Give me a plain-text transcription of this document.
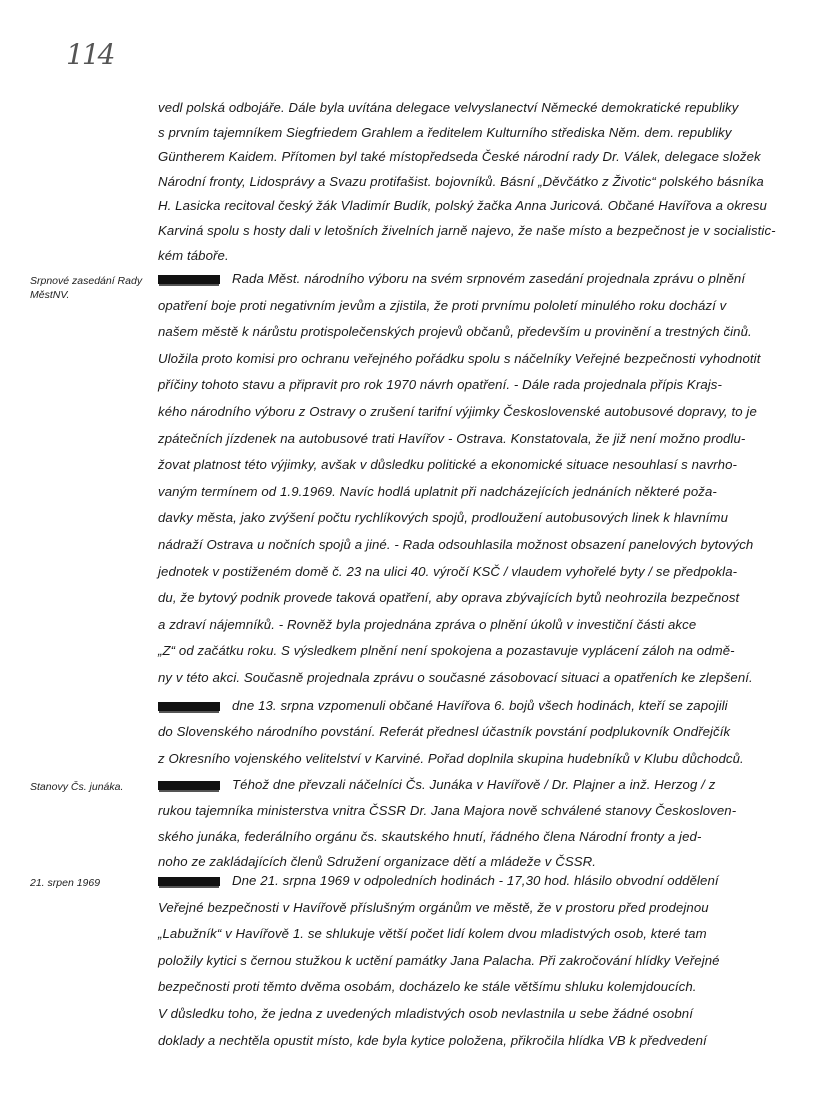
114
vedl polská odbojáře. Dále byla uvítána delegace velvyslanectví Německé demokratické republiky
s prvním tajemníkem Siegfriedem Grahlem a ředitelem Kulturního střediska Něm. dem. republiky
Güntherem Kaidem. Přítomen byl také místopředseda České národní rady Dr. Válek, delegace složek
Národní fronty, Lidosprávy a Svazu protifašist. bojovníků. Básní „Děvčátko z Životic“ polského básníka
H. Lasicka recitoval český žák Vladimír Budík, polský žačka Anna Juricová. Občané Havířova a okresu
Karviná spolu s hosty dali v letošních živelních jarně najevo, že naše místo a bezpečnost je v socialistic-
kém táboře.
Srpnové zasedání Rady MěstNV.
Rada Měst. národního výboru na svém srpnovém zasedání projednala zprávu o plnění
opatření boje proti negativním jevům a zjistila, že proti prvnímu pololetí minulého roku dochází v
našem městě k nárůstu protispolečenských projevů občanů, především u provinění a trestných činů.
Uložila proto komisi pro ochranu veřejného pořádku spolu s náčelníky Veřejné bezpečnosti vyhodnotit
příčiny tohoto stavu a připravit pro rok 1970 návrh opatření. - Dále rada projednala přípis Krajs-
kého národního výboru z Ostravy o zrušení tarifní výjimky Československé autobusové dopravy, to je
zpátečních jízdenek na autobusové trati Havířov - Ostrava. Konstatovala, že již není možno prodlu-
žovat platnost této výjimky, avšak v důsledku politické a ekonomické situace nesouhlasí s navrho-
vaným termínem od 1.9.1969. Navíc hodlá uplatnit při nadcházejících jednáních některé poža-
davky města, jako zvýšení počtu rychlíkových spojů, prodloužení autobusových linek k hlavnímu
nádraží Ostrava u nočních spojů a jiné. - Rada odsouhlasila možnost obsazení panelových bytových
jednotek v postiženém domě č. 23 na ulici 40. výročí KSČ / vlaudem vyhořelé byty / se předpokla-
du, že bytový podnik provede taková opatření, aby oprava zbývajících bytů neohrozila bezpečnost
a zdraví nájemníků. - Rovněž byla projednána zpráva o plnění úkolů v investiční části akce
„Z“ od začátku roku. S výsledkem plnění není spokojena a pozastavuje vyplácení záloh na odmě-
ny v této akci. Současně projednala zprávu o současné zásobovací situaci a opatřeních ke zlepšení.
dne 13. srpna vzpomenuli občané Havířova 6. bojů všech hodinách, kteří se zapojili
do Slovenského národního povstání. Referát přednesl účastník povstání podplukovník Ondřejčík
z Okresního vojenského velitelství v Karviné. Pořad doplnila skupina hudebníků v Klubu důchodců.
Stanovy Čs. junáka.	Téhož dne převzali náčelníci Čs. Junáka v Havířově / Dr. Plajner a inž. Herzog / z
rukou tajemníka ministerstva vnitra ČSSR Dr. Jana Majora nově schválené stanovy Českosloven-
ského junáka, federálního orgánu čs. skautského hnutí, řádného člena Národní fronty a jed-
noho ze zakládajících členů Sdružení organizace dětí a mládeže v ČSSR.
21. srpen 1969	Dne 21. srpna 1969 v odpoledních hodinách - 17,30 hod. hlásilo obvodní oddělení
Veřejné bezpečnosti v Havířově příslušným orgánům ve městě, že v prostoru před prodejnou
„Labužník“ v Havířově 1. se shlukuje větší počet lidí kolem dvou mladistvých osob, které tam
položily kytici s černou stužkou k uctění památky Jana Palacha. Při zakročování hlídky Veřejné
bezpečnosti proti těmto dvěma osobám, docházelo ke stále většímu shluku kolemjdoucích.
V důsledku toho, že jedna z uvedených mladistvých osob nevlastnila u sebe žádné osobní
doklady a nechtěla opustit místo, kde byla kytice položena, přikročila hlídka VB k předvedení
